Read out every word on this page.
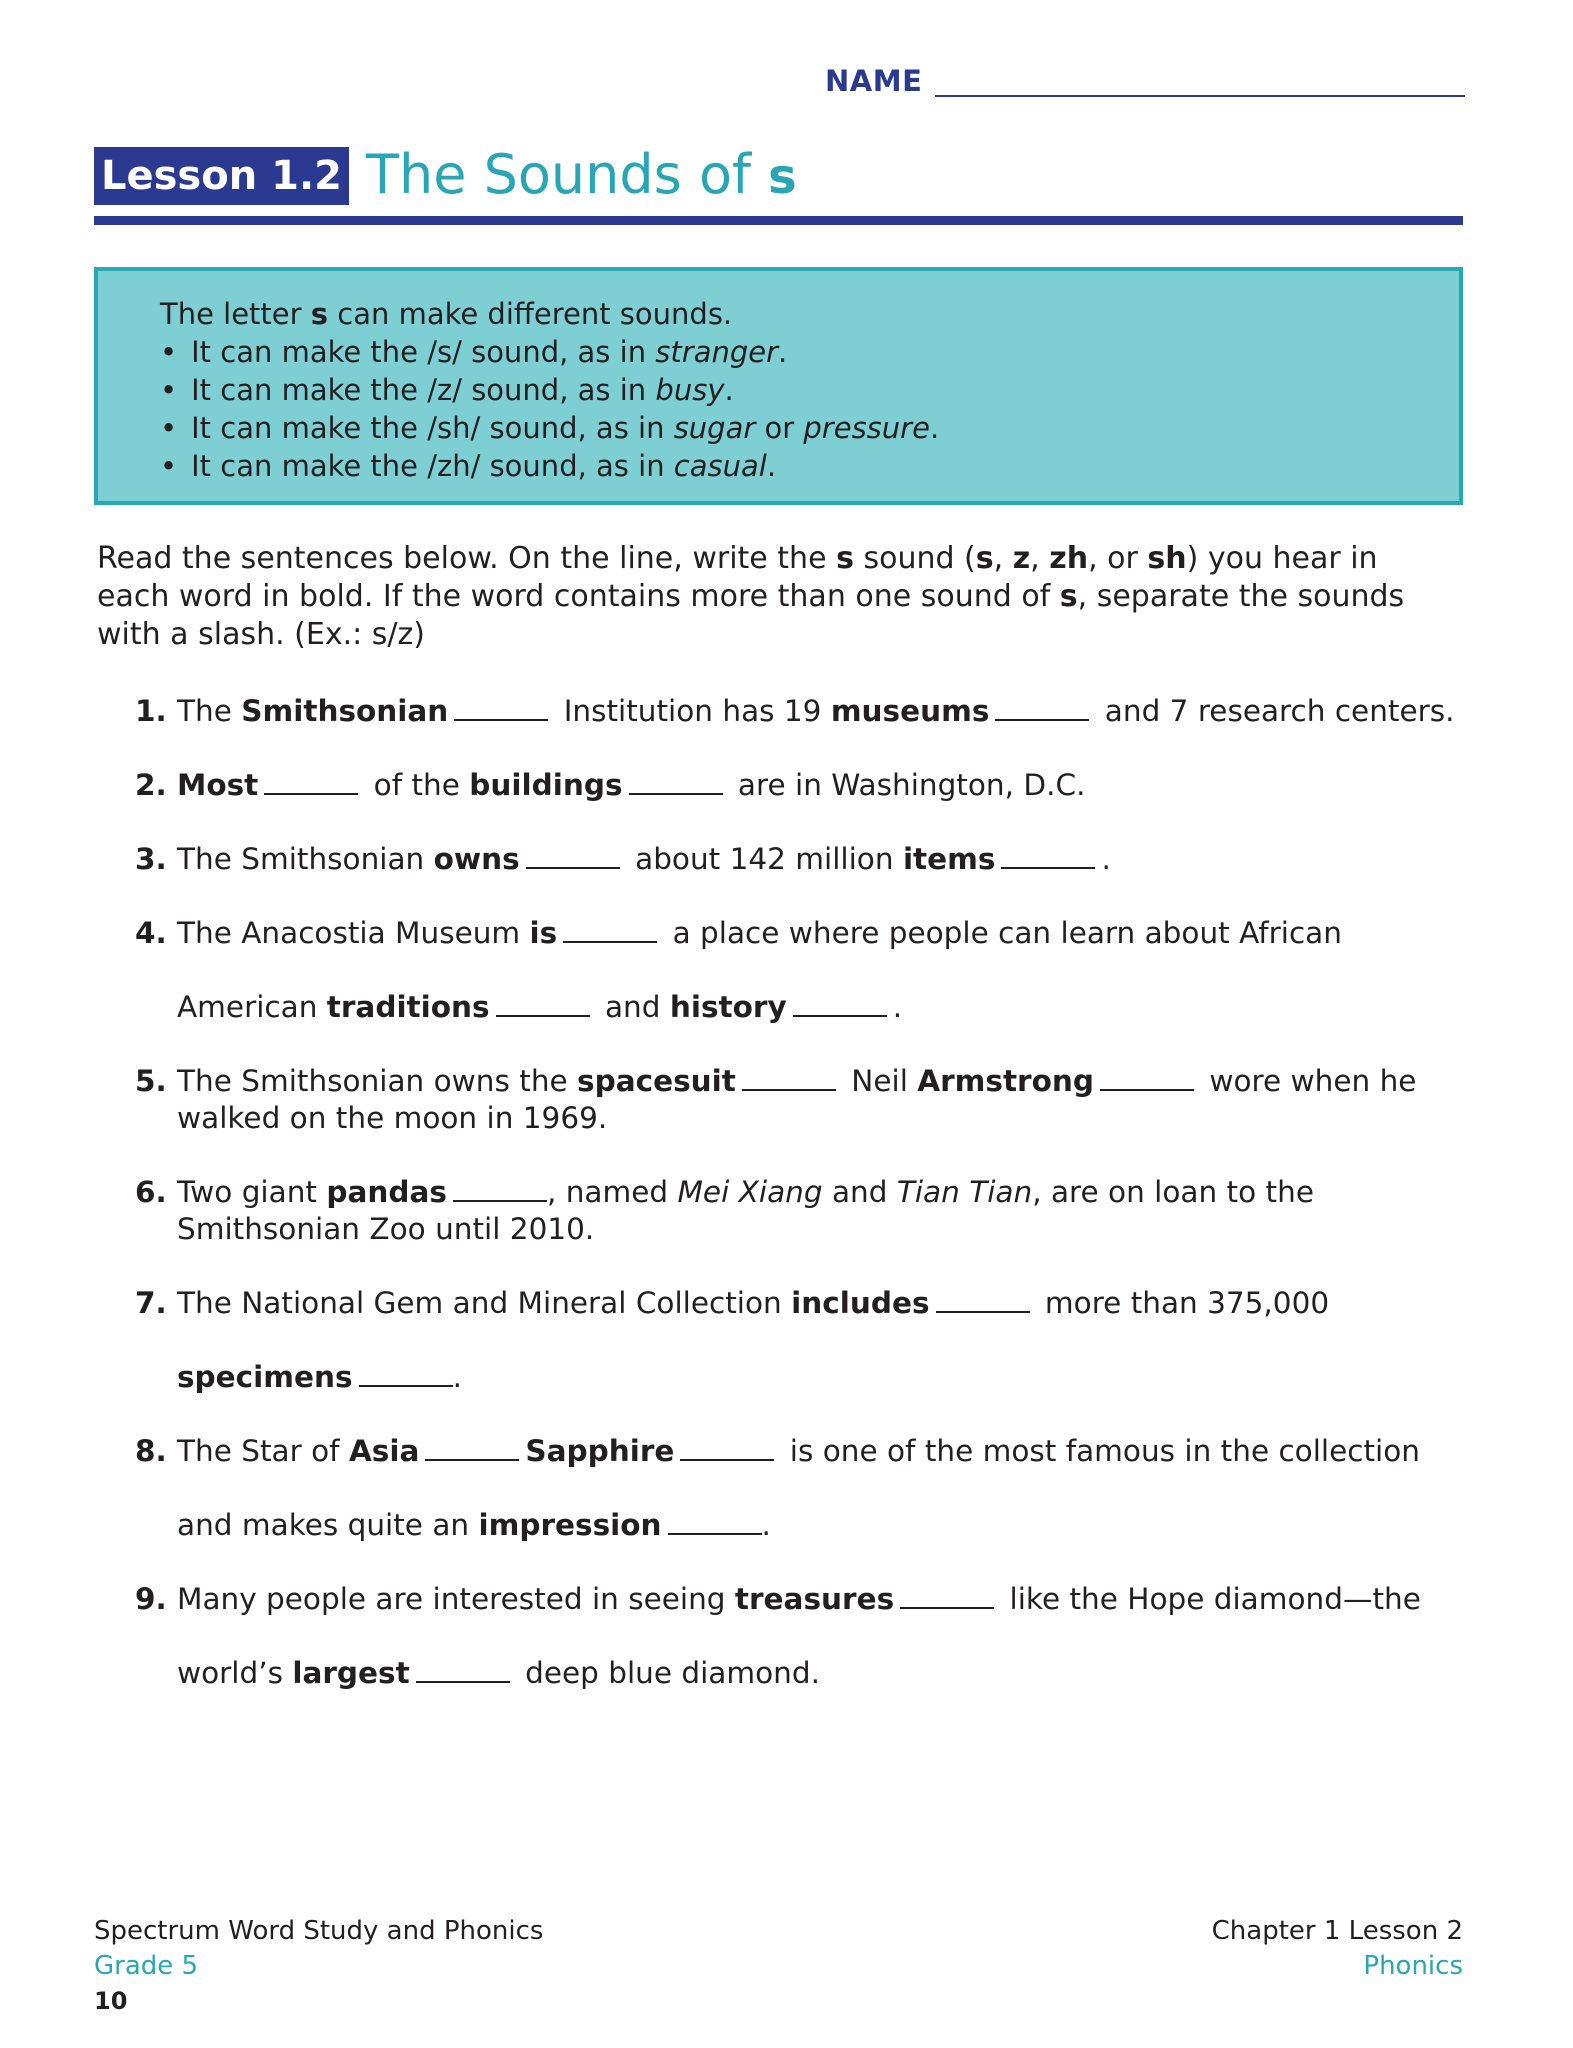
NAME
Lesson 1.2 The Sounds of s
The letter s can make different sounds.
• It can make the /s/ sound, as in stranger.
• It can make the /z/ sound, as in busy.
• It can make the /sh/ sound, as in sugar or pressure.
• It can make the /zh/ sound, as in casual.
Read the sentences below. On the line, write the s sound (s, z, zh, or sh) you hear in each word in bold. If the word contains more than one sound of s, separate the sounds with a slash. (Ex.: s/z)
1. The Smithsonian	Institution has 19 museums	and 7 research centers.
2. Most	of the buildings	are in Washington, D.C.
3. The Smithsonian owns	about 142 million items	.
4. The Anacostia Museum is	a place where people can learn about African
American traditions	and history	.
5. The Smithsonian owns the spacesuit	Neil Armstrong	wore when he
walked on the moon in 1969.
6. Two giant pandas	, named Mei Xiang and Tian Tian, are on loan to the
Smithsonian Zoo until 2010.
7. The National Gem and Mineral Collection includes	more than 375,000
specimens	.
8. The Star of Asia	Sapphire	is one of the most famous in the collection
and makes quite an impression	.
9. Many people are interested in seeing treasures	like the Hope diamond—the
world’s largest	deep blue diamond.
Spectrum Word Study and Phonics
Grade 5
10
Chapter 1 Lesson 2
Phonics
